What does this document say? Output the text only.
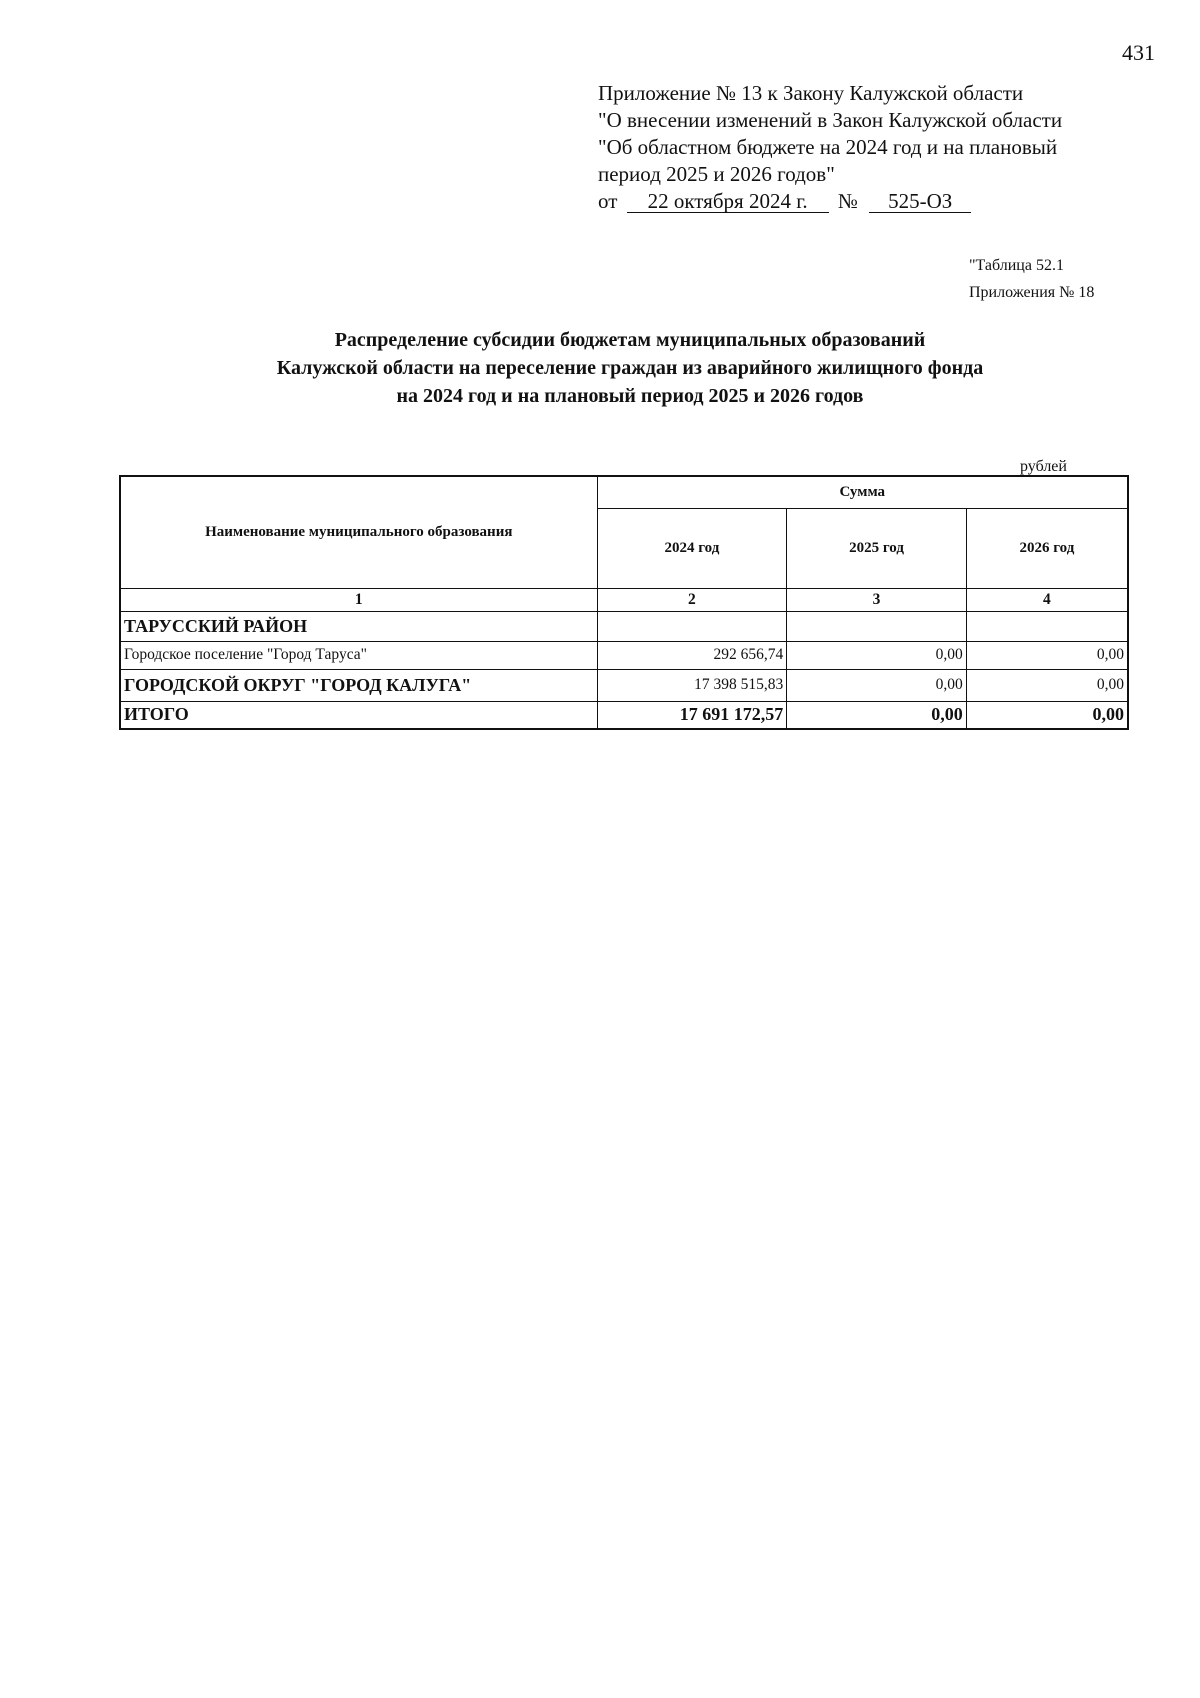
431
Приложение № 13 к Закону Калужской области
"О внесении изменений в Закон Калужской области
"Об областном бюджете на 2024 год и на плановый
период 2025 и 2026 годов"
от 22 октября 2024 г. № 525-ОЗ
"Таблица 52.1
Приложения № 18
Распределение субсидии бюджетам муниципальных образований
Калужской области на переселение граждан из аварийного жилищного фонда
на 2024 год и на плановый период 2025 и 2026 годов
рублей
Наименование муниципального образования	Сумма		
	2024 год	2025 год	2026 год
1	2	3	4
ТАРУССКИЙ РАЙОН			
Городское поселение "Город Таруса"	292 656,74	0,00	0,00
ГОРОДСКОЙ ОКРУГ "ГОРОД КАЛУГА"	17 398 515,83	0,00	0,00
ИТОГО	17 691 172,57	0,00	0,00
